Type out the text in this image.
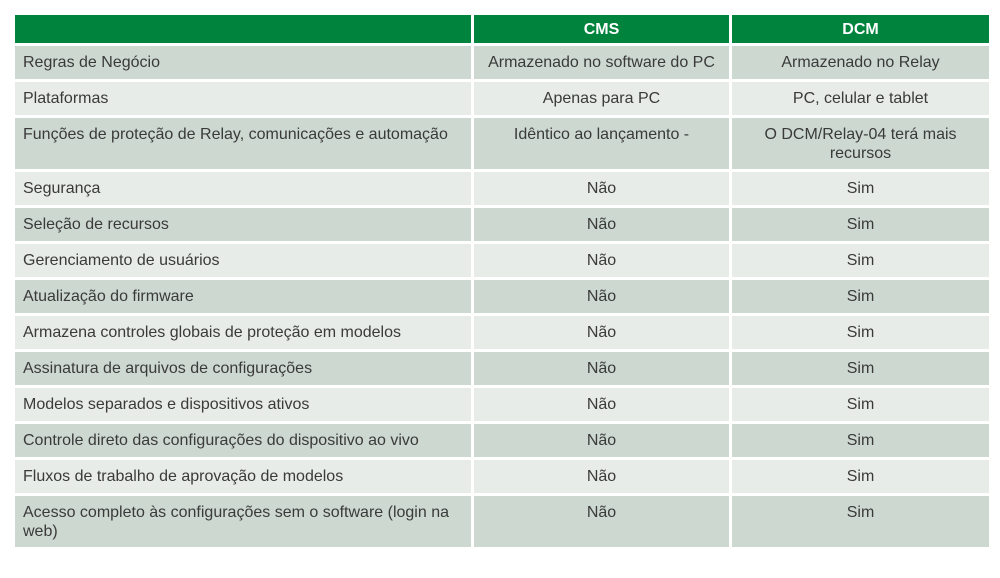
	CMS	DCM
Regras de Negócio	Armazenado no software do PC	Armazenado no Relay
Plataformas	Apenas para PC	PC, celular e tablet
Funções de proteção de Relay, comunicações e automação	Idêntico ao lançamento -	O DCM/Relay-04 terá mais recursos
Segurança	Não	Sim
Seleção de recursos	Não	Sim
Gerenciamento de usuários	Não	Sim
Atualização do firmware	Não	Sim
Armazena controles globais de proteção em modelos	Não	Sim
Assinatura de arquivos de configurações	Não	Sim
Modelos separados e dispositivos ativos	Não	Sim
Controle direto das configurações do dispositivo ao vivo	Não	Sim
Fluxos de trabalho de aprovação de modelos	Não	Sim
Acesso completo às configurações sem o software (login na web)	Não	Sim
